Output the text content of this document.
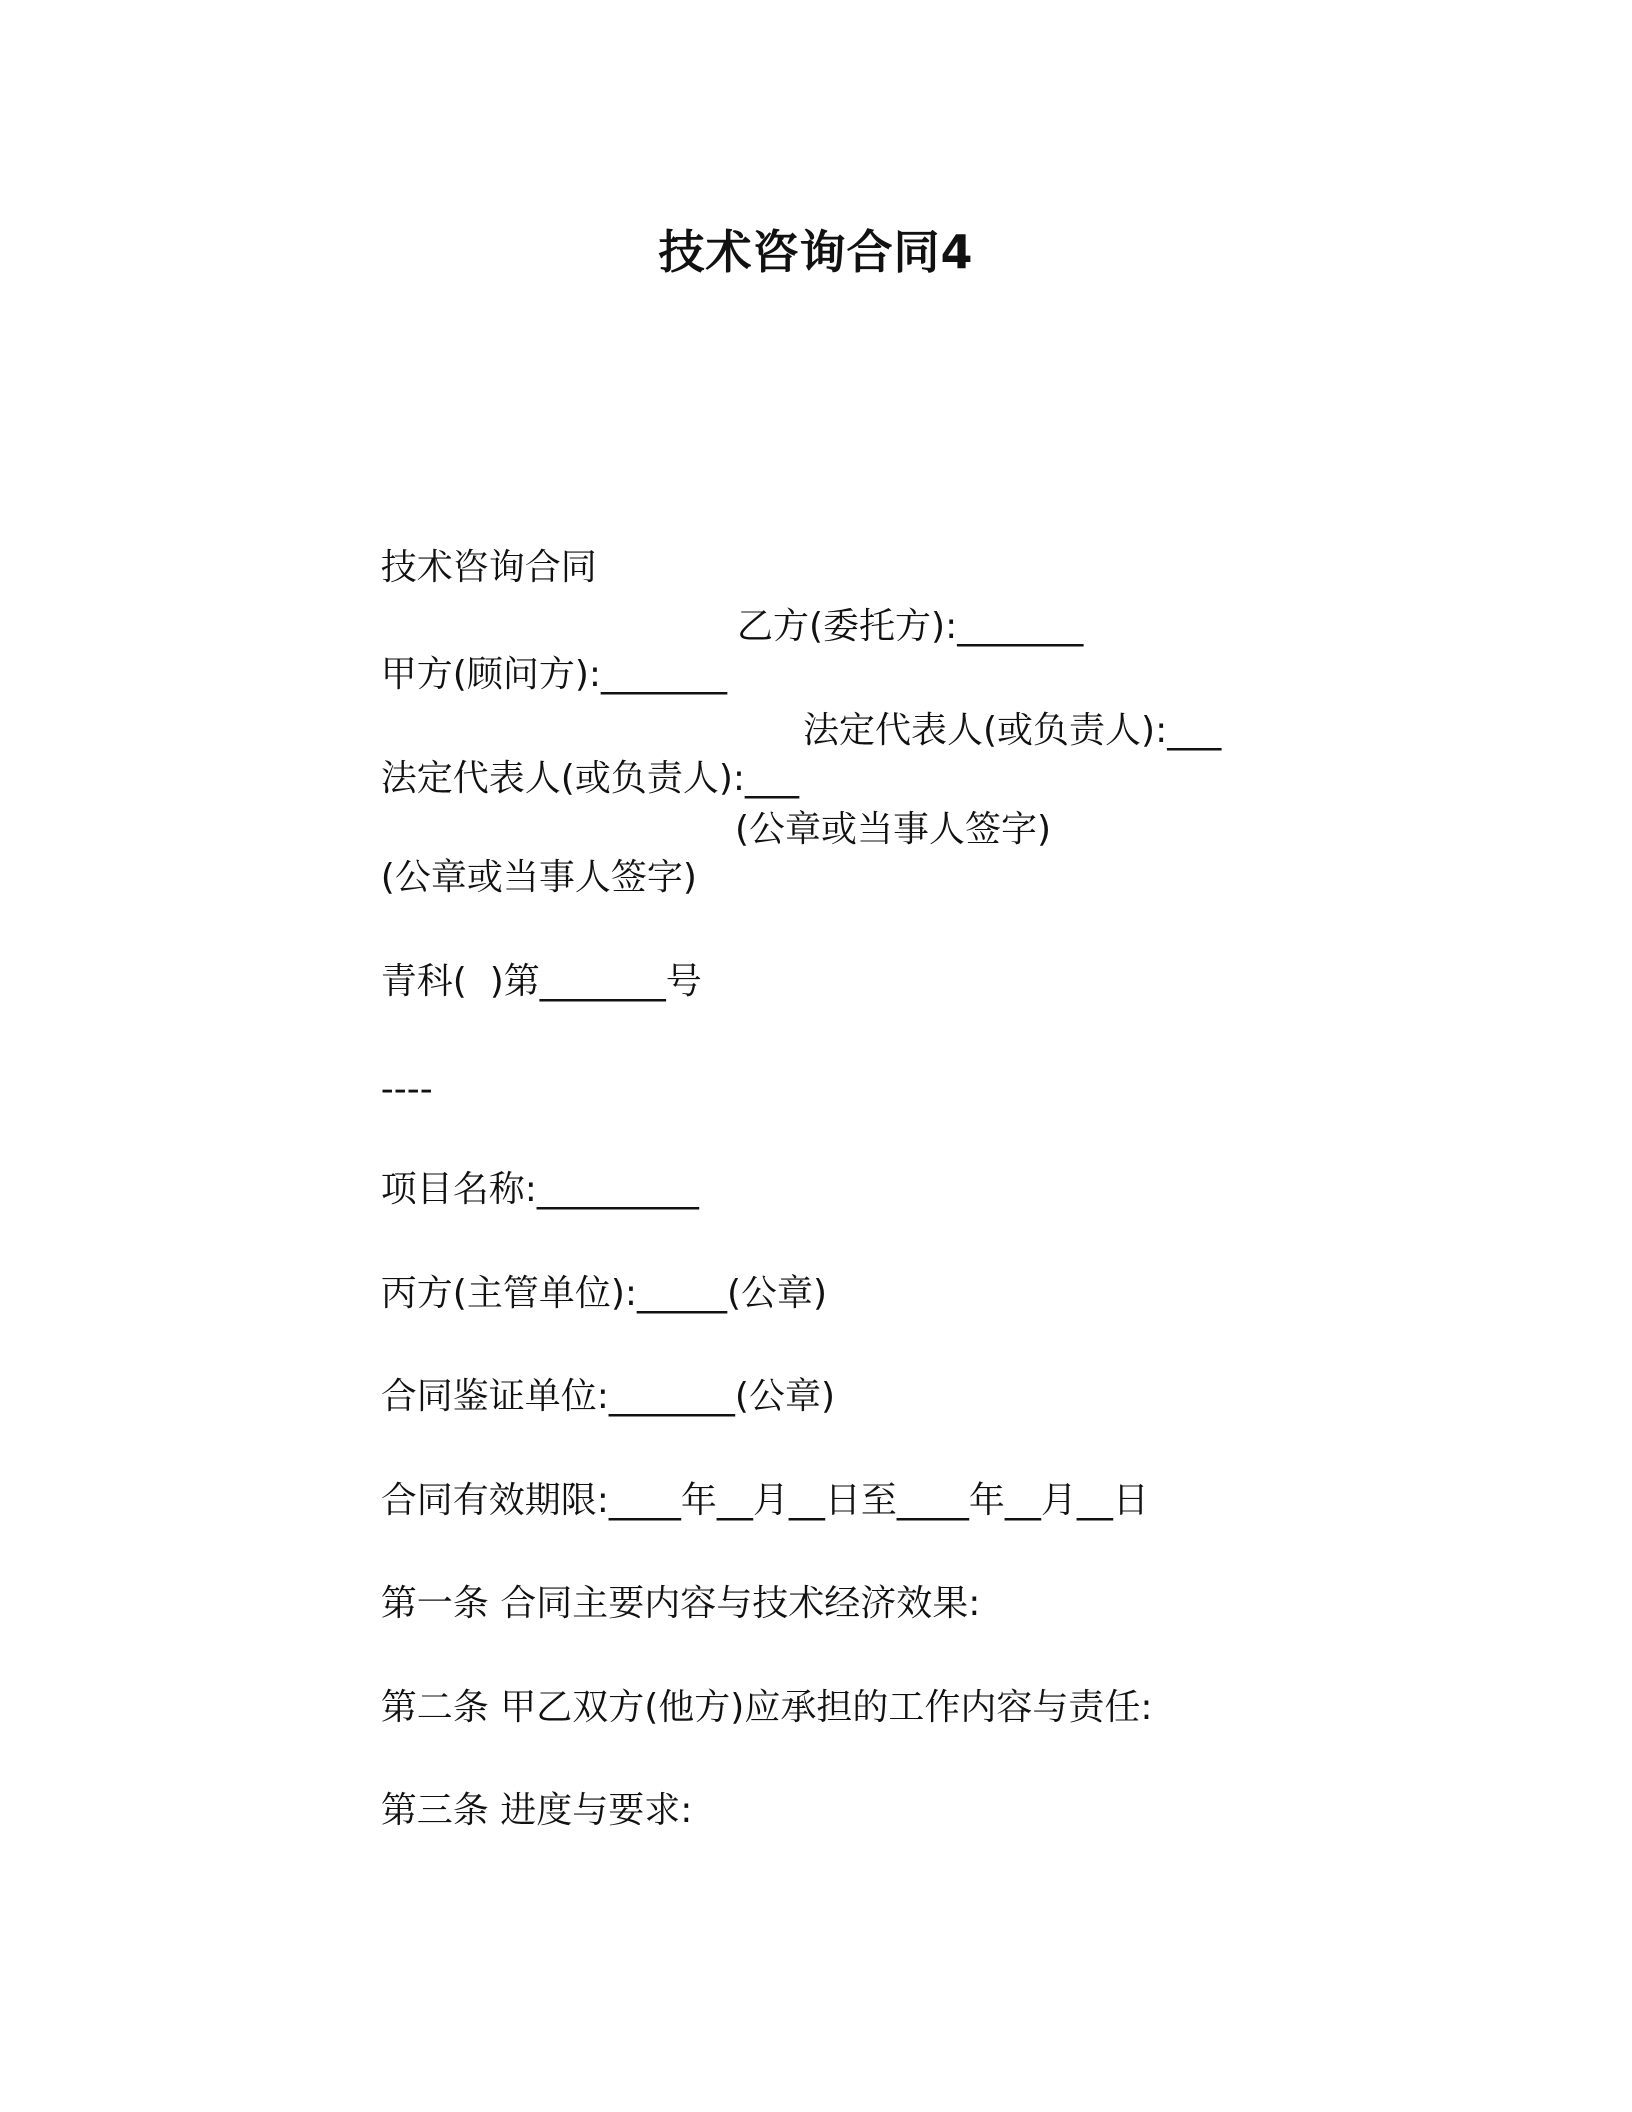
技术咨询合同4

技术咨询合同

甲方(顾问方):_______

乙方(委托方):_______

法定代表人(或负责人):___

法定代表人(或负责人):___

(公章或当事人签字)

(公章或当事人签字)

青科(  )第_______号

----

项目名称:_________

丙方(主管单位):_____(公章)

合同鉴证单位:_______(公章)

合同有效期限:____年__月__日至____年__月__日

第一条 合同主要内容与技术经济效果:

第二条 甲乙双方(他方)应承担的工作内容与责任:

第三条 进度与要求:
